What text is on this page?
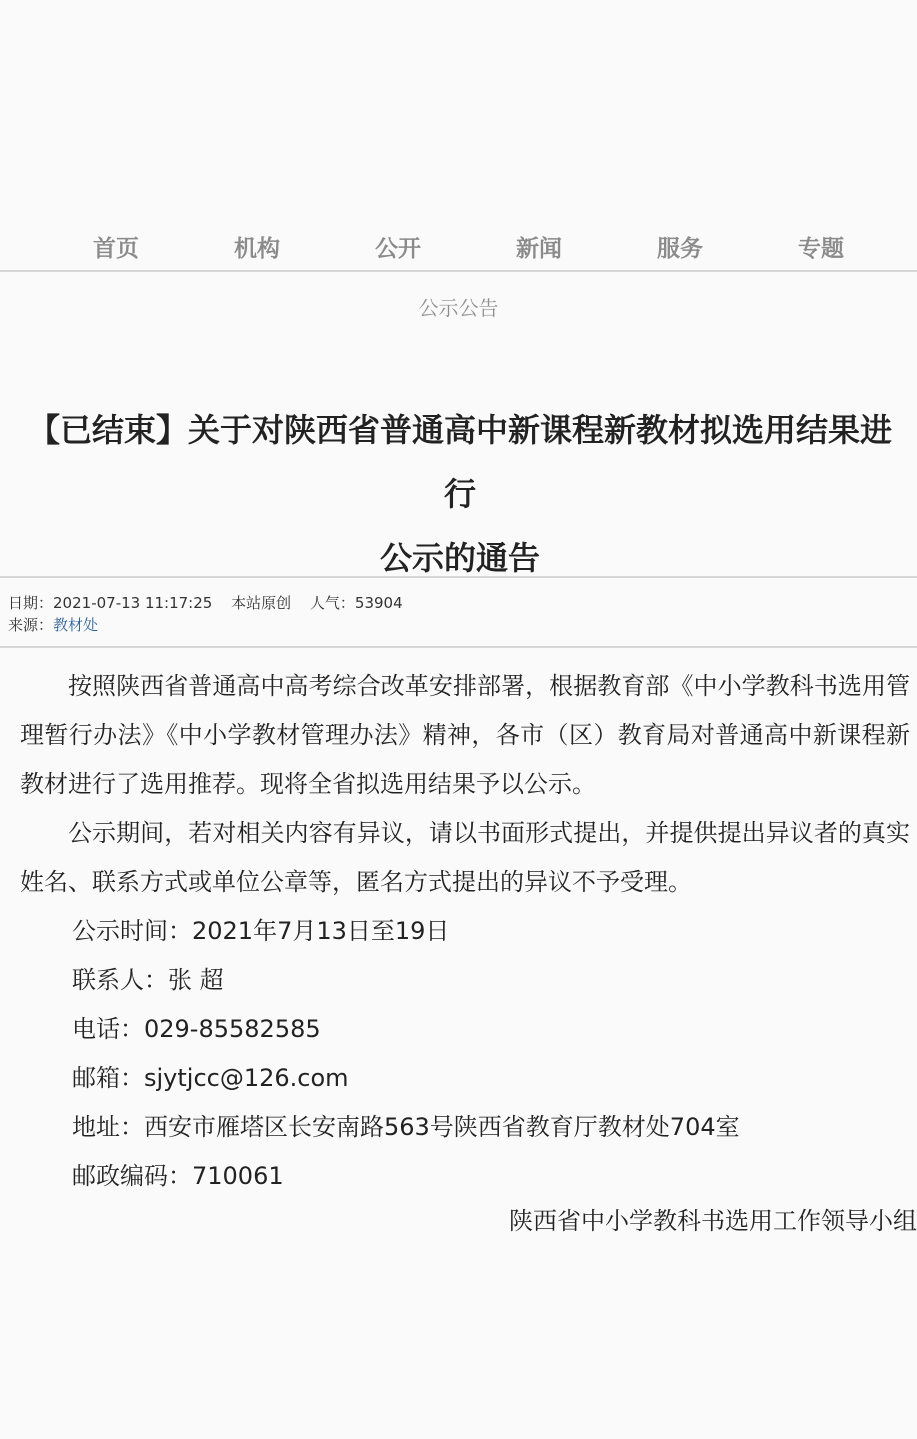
首页	机构	公开	新闻	服务	专题
公示公告
【已结束】关于对陕西省普通高中新课程新教材拟选用结果进行
公示的通告
日期：2021-07-13 11:17:25 本站原创 人气：53904
来源：教材处

按照陕西省普通高中高考综合改革安排部署，根据教育部《中小学教科书选用管理暂行办法》《中小学教材管理办法》精神，各市（区）教育局对普通高中新课程新教材进行了选用推荐。现将全省拟选用结果予以公示。

公示期间，若对相关内容有异议，请以书面形式提出，并提供提出异议者的真实姓名、联系方式或单位公章等，匿名方式提出的异议不予受理。

公示时间：2021年7月13日至19日
联系人：张 超
电话：029-85582585
邮箱：sjytjcc@126.com
地址：西安市雁塔区长安南路563号陕西省教育厅教材处704室
邮政编码：710061
陕西省中小学教科书选用工作领导小组
